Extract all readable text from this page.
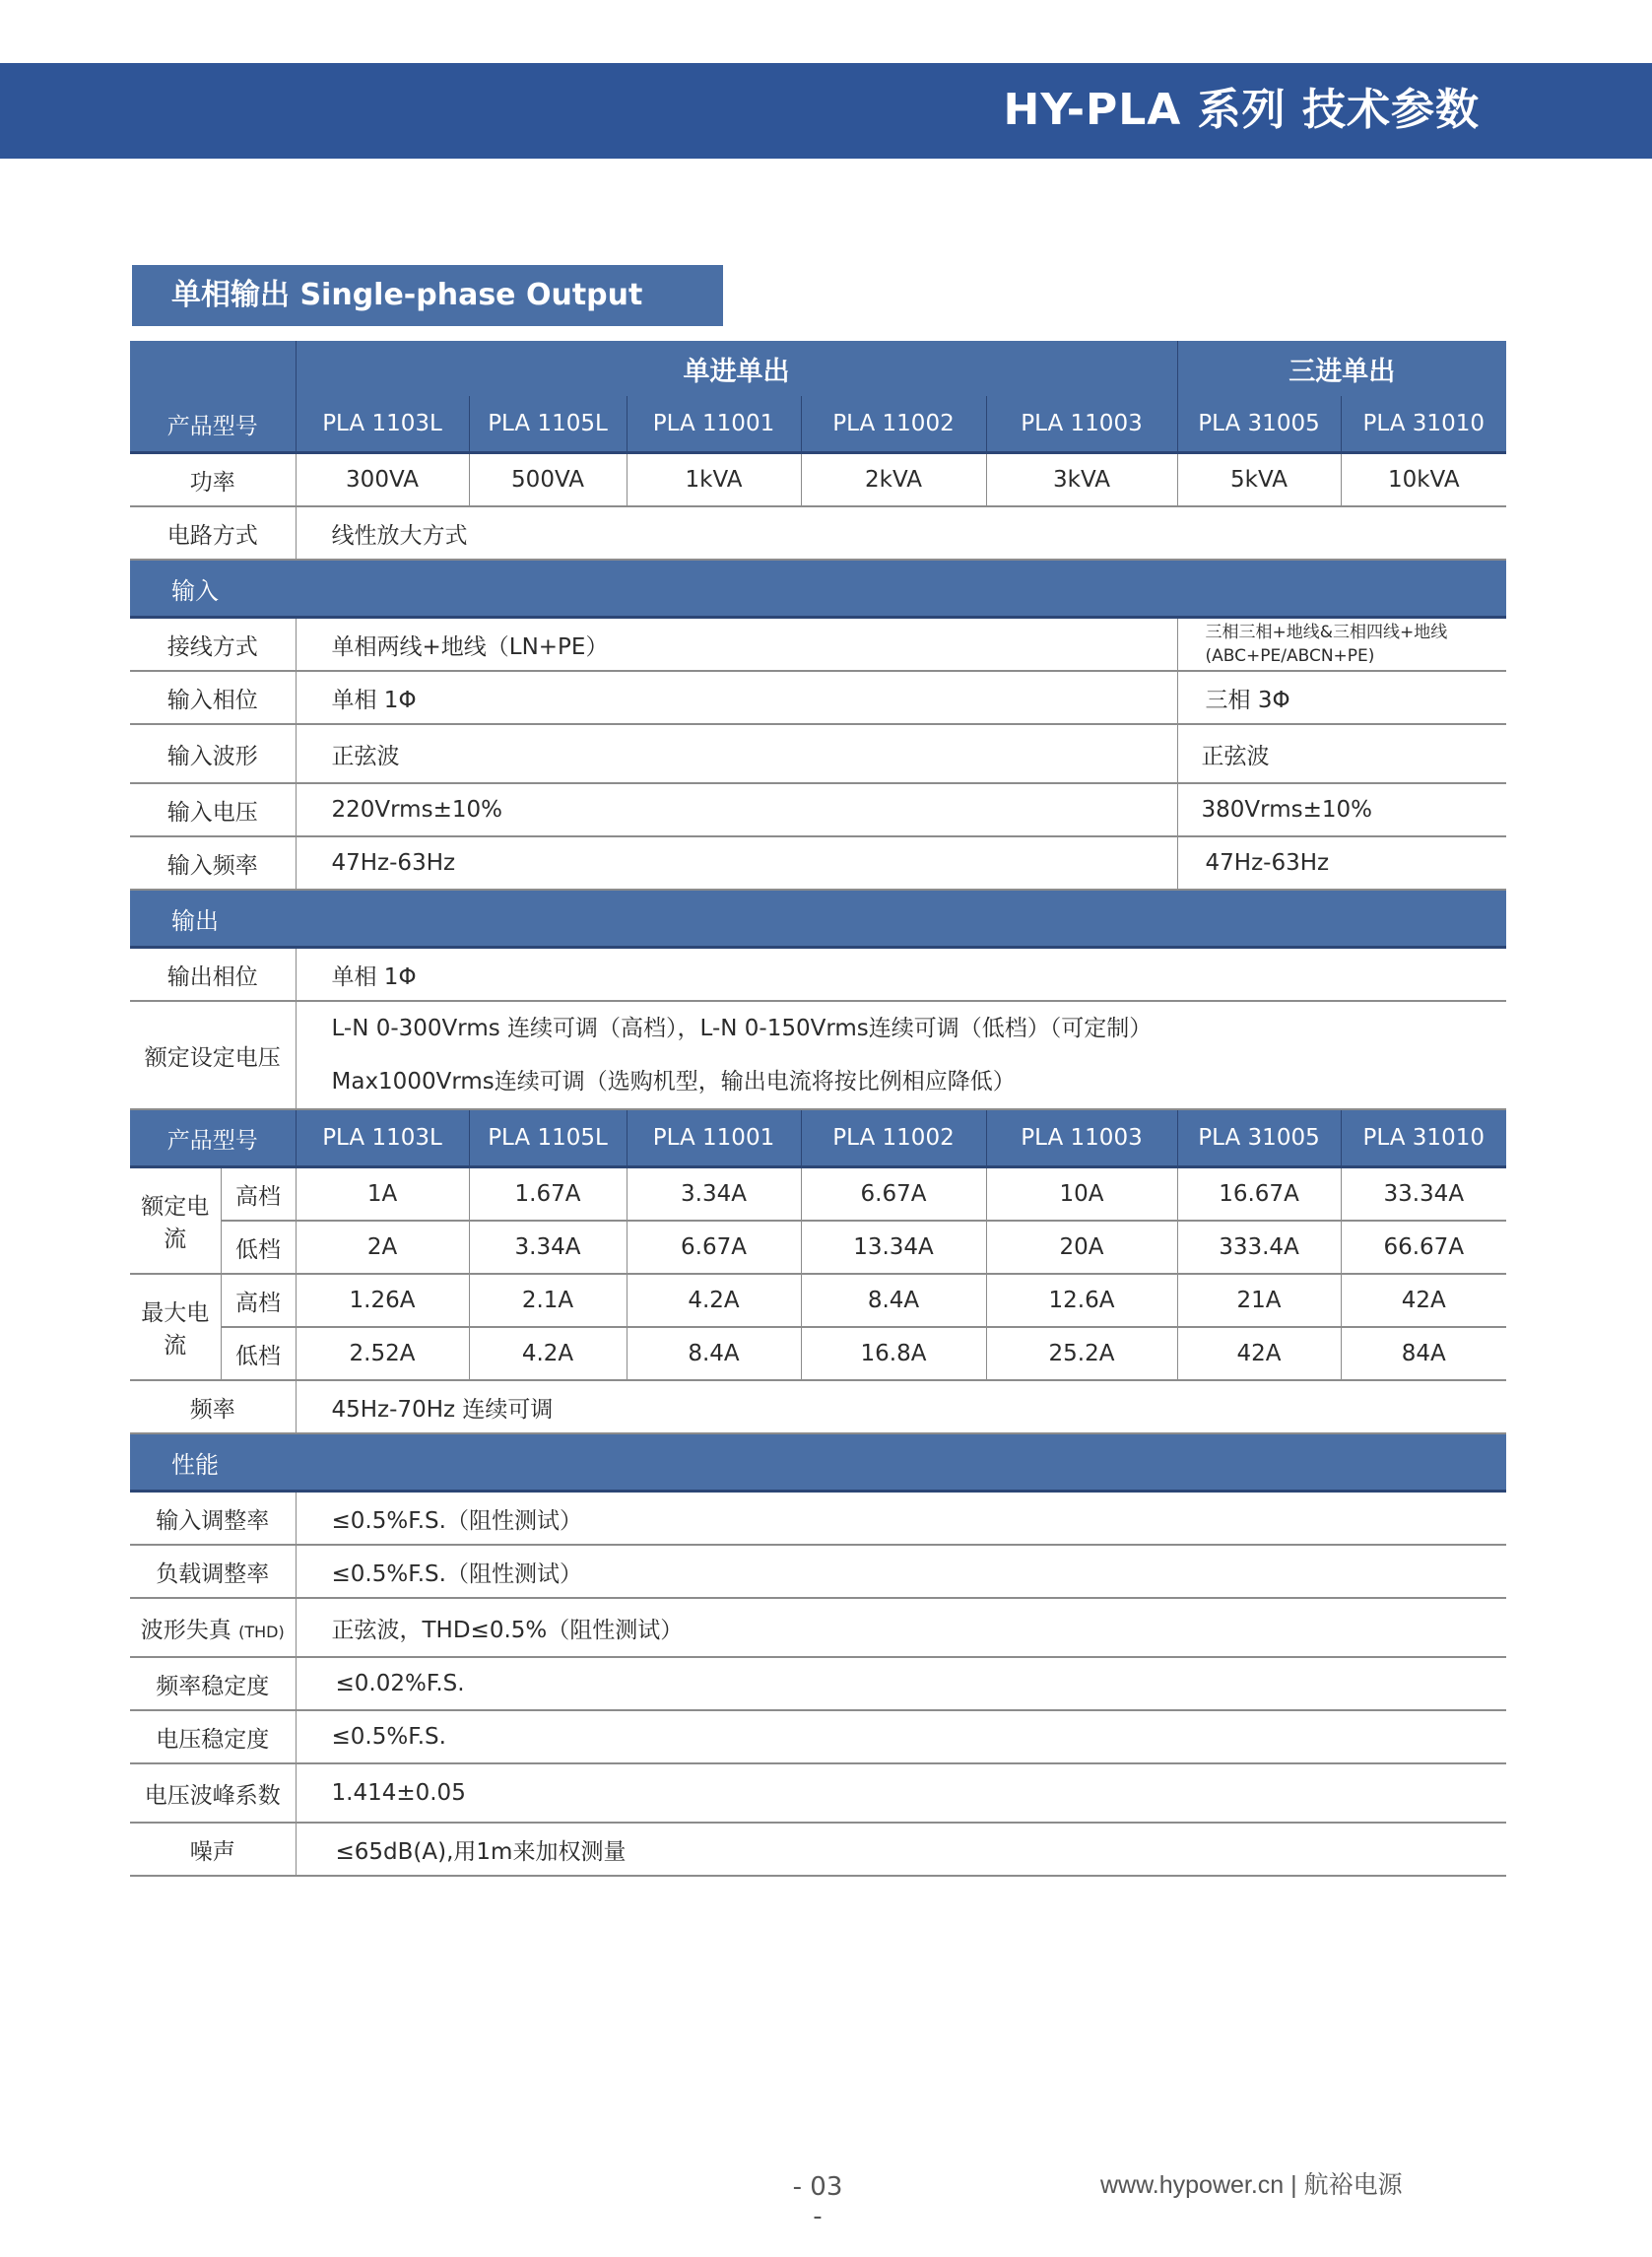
HY-PLA 系列 技术参数
单相输出 Single-phase Output
		单进单出					三进单出	
产品型号		PLA 1103L	PLA 1105L	PLA 11001	PLA 11002	PLA 11003	PLA 31005	PLA 31010
功率		300VA	500VA	1kVA	2kVA	3kVA	5kVA	10kVA
电路方式		线性放大方式						
输入								
接线方式		单相两线+地线（LN+PE）					三相三相+地线&三相四线+地线
(ABC+PE/ABCN+PE)	

输入相位		单相 1Φ					三相 3Φ	
输入波形		正弦波					正弦波	
输入电压		220Vrms±10%					380Vrms±10%	
输入频率		47Hz-63Hz					47Hz-63Hz	
输出								
输出相位		单相 1Φ						
额定设定电压		L-N 0-300Vrms 连续可调（高档），L-N 0-150Vrms连续可调（低档）（可定制）
Max1000Vrms连续可调（选购机型，输出电流将按比例相应降低）						

产品型号		PLA 1103L	PLA 1105L	PLA 11001	PLA 11002	PLA 11003	PLA 31005	PLA 31010
额定电流	高档	1A	1.67A	3.34A	6.67A	10A	16.67A	33.34A
	低档	2A	3.34A	6.67A	13.34A	20A	333.4A	66.67A
最大电流	高档	1.26A	2.1A	4.2A	8.4A	12.6A	21A	42A
	低档	2.52A	4.2A	8.4A	16.8A	25.2A	42A	84A
频率		45Hz-70Hz 连续可调						
性能								
输入调整率		≤0.5%F.S.（阻性测试）						
负载调整率		≤0.5%F.S.（阻性测试）						
波形失真 (THD)		正弦波，THD≤0.5%（阻性测试）						
频率稳定度		≤0.02%F.S.						
电压稳定度		≤0.5%F.S.						
电压波峰系数		1.414±0.05						
噪声		≤65dB(A),用1m来加权测量						
- 03 -
www.hypower.cn | 航裕电源
